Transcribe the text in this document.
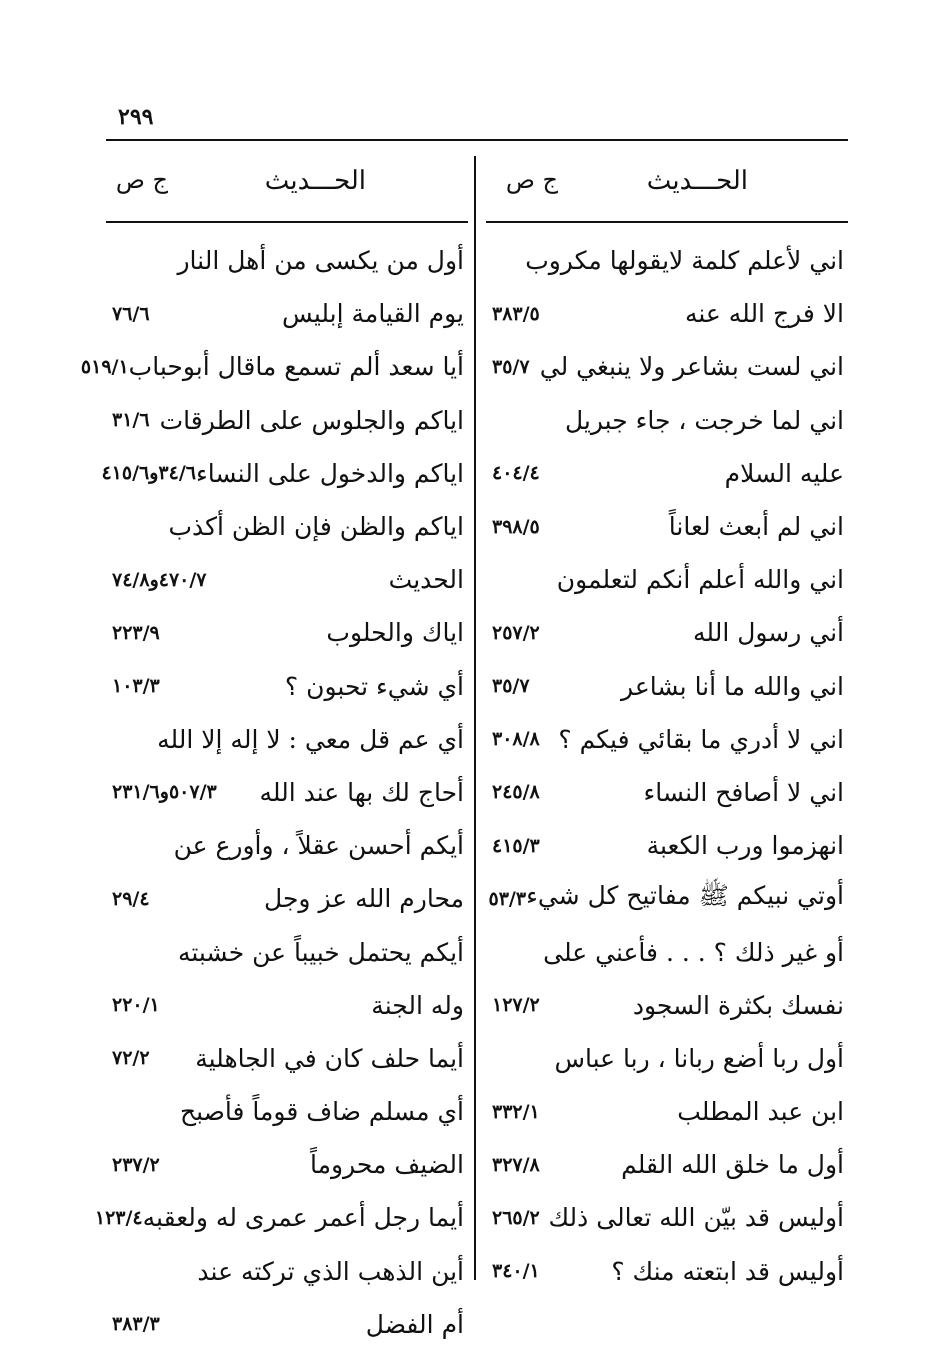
٢٩٩
الحـــديث
ج ص
الحـــديث
ج ص
اني لأعلم كلمة لايقولها مكروب
الا فرج الله عنه
٣٨٣/٥
اني لست بشاعر ولا ينبغي لي
٣٥/٧
اني لما خرجت ، جاء جبريل
عليه السلام
٤٠٤/٤
اني لم أبعث لعاناً
٣٩٨/٥
اني والله أعلم أنكم لتعلمون
أني رسول الله
٢٥٧/٢
اني والله ما أنا بشاعر
٣٥/٧
اني لا أدري ما بقائي فيكم ؟
٣٠٨/٨
اني لا أصافح النساء
٢٤٥/٨
انهزموا ورب الكعبة
٤١٥/٣
أوتي نبيكم ﷺ مفاتيح كل شيء
٥٣/٣
أو غير ذلك ؟ . . . فأعني على
نفسك بكثرة السجود
١٢٧/٢
أول ربا أضع ربانا ، ربا عباس
ابن عبد المطلب
٣٣٢/١
أول ما خلق الله القلم
٣٢٧/٨
أوليس قد بيّن الله تعالى ذلك
٢٦٥/٢
أوليس قد ابتعته منك ؟
٣٤٠/١
أول من يكسى من أهل النار
يوم القيامة إبليس
٧٦/٦
أيا سعد ألم تسمع ماقال أبوحباب
٥١٩/١
اياكم والجلوس على الطرقات
٣١/٦
اياكم والدخول على النساء
٣٤/٦و٤١٥/٦
اياكم والظن فإن الظن أكذب
الحديث
٤٧٠/٧و٧٤/٨
اياك والحلوب
٢٢٣/٩
أي شيء تحبون ؟
١٠٣/٣
أي عم قل معي : لا إله إلا الله
أحاج لك بها عند الله
٥٠٧/٣و٢٣١/٦
أيكم أحسن عقلاً ، وأورع عن
محارم الله عز وجل
٢٩/٤
أيكم يحتمل خبيباً عن خشبته
وله الجنة
٢٢٠/١
أيما حلف كان في الجاهلية
٧٢/٢
أي مسلم ضاف قوماً فأصبح
الضيف محروماً
٢٣٧/٢
أيما رجل أعمر عمرى له ولعقبه
١٢٣/٤
أين الذهب الذي تركته عند
أم الفضل
٣٨٣/٣
